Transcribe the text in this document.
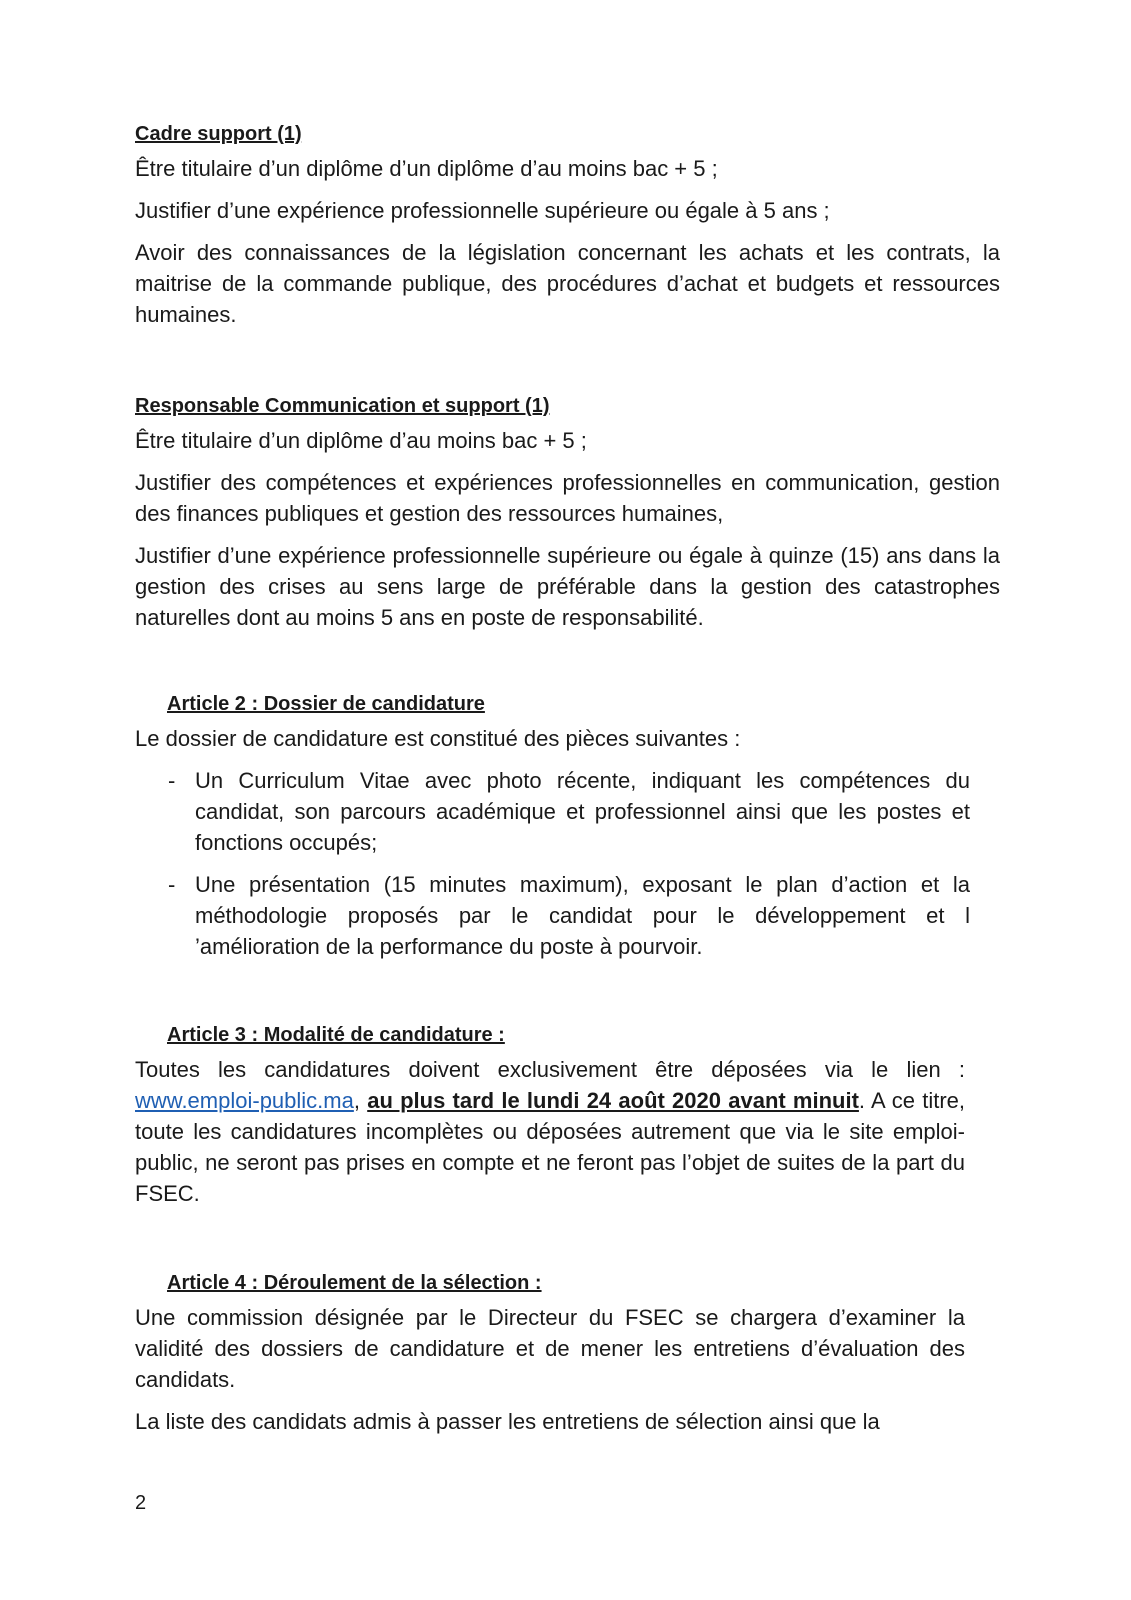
Cadre support (1)

Être titulaire d’un diplôme d’un diplôme d’au moins bac + 5 ;

Justifier d’une expérience professionnelle supérieure ou égale à 5 ans ;

Avoir des connaissances de la législation concernant les achats et les contrats, la maitrise de la commande publique, des procédures d’achat et budgets et ressources humaines.

Responsable Communication et support (1)

Être titulaire d’un diplôme d’au moins bac + 5 ;

Justifier des compétences et expériences professionnelles en communication, gestion des finances publiques et gestion des ressources humaines,

Justifier d’une expérience professionnelle supérieure ou égale à quinze (15) ans dans la gestion des crises au sens large de préférable dans la gestion des catastrophes naturelles dont au moins 5 ans en poste de responsabilité.

Article 2 : Dossier de candidature

Le dossier de candidature est constitué des pièces suivantes :

- Un Curriculum Vitae avec photo récente, indiquant les compétences du candidat, son parcours académique et professionnel ainsi que les postes et fonctions occupés;
- Une présentation (15 minutes maximum), exposant le plan d’action et la méthodologie proposés par le candidat pour le développement et l ’amélioration de la performance du poste à pourvoir.
Article 3 : Modalité de candidature :

Toutes les candidatures doivent exclusivement être déposées via le lien : www.emploi-public.ma, au plus tard le lundi 24 août 2020 avant minuit. A ce titre, toute les candidatures incomplètes ou déposées autrement que via le site emploi-public, ne seront pas prises en compte et ne feront pas l’objet de suites de la part du FSEC.

Article 4 : Déroulement de la sélection :

Une commission désignée par le Directeur du FSEC se chargera d’examiner la validité des dossiers de candidature et de mener les entretiens d’évaluation des candidats.

La liste des candidats admis à passer les entretiens de sélection ainsi que la

2
